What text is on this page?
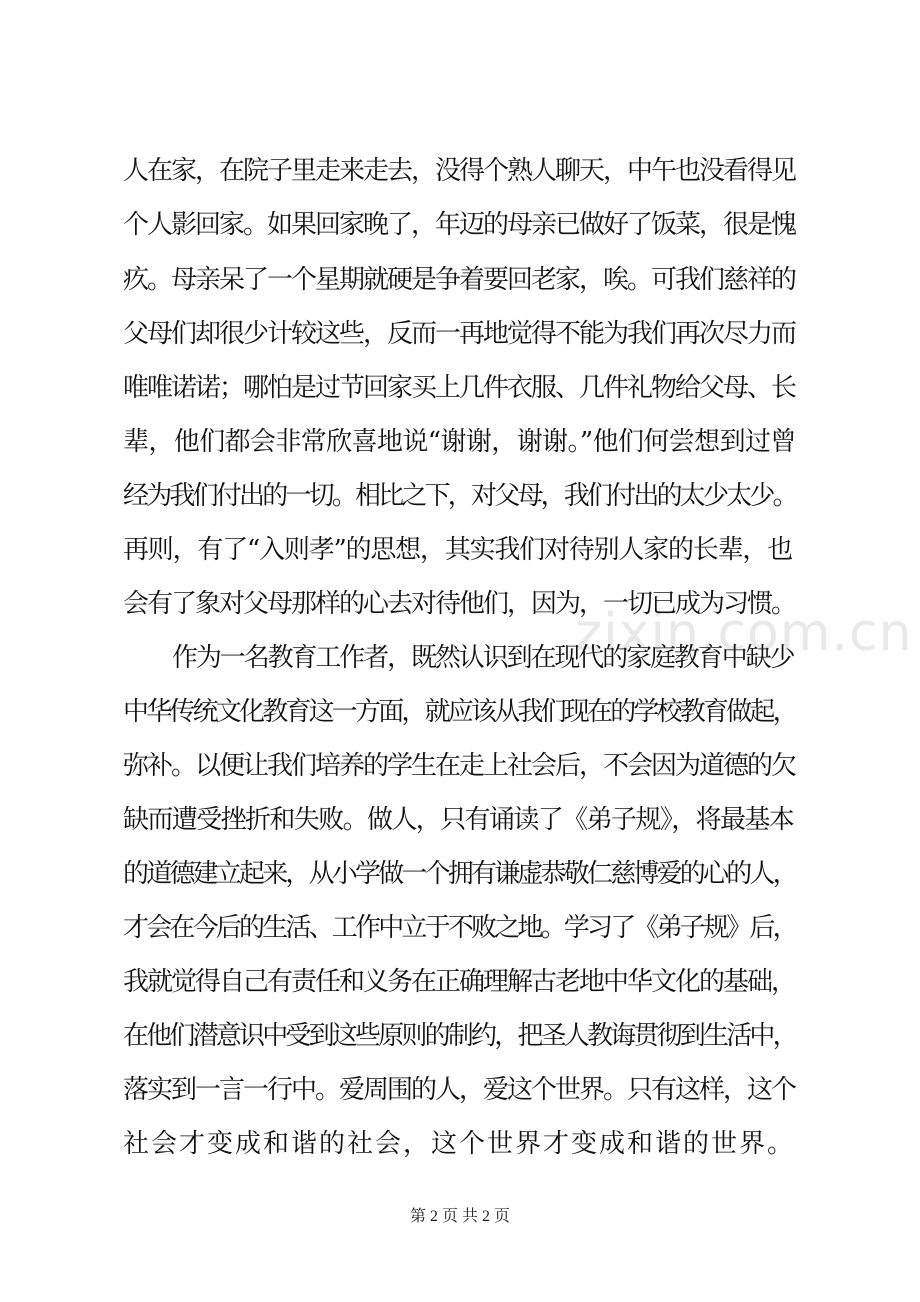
zixin.com.cn
人在家，在院子里走来走去，没得个熟人聊天，中午也没看得见
个人影回家。如果回家晚了，年迈的母亲已做好了饭菜，很是愧
疚。母亲呆了一个星期就硬是争着要回老家，唉。可我们慈祥的
父母们却很少计较这些，反而一再地觉得不能为我们再次尽力而
唯唯诺诺；哪怕是过节回家买上几件衣服、几件礼物给父母、长
辈，他们都会非常欣喜地说“谢谢，谢谢。”他们何尝想到过曾
经为我们付出的一切。相比之下，对父母，我们付出的太少太少。
再则，有了“入则孝”的思想，其实我们对待别人家的长辈，也
会有了象对父母那样的心去对待他们，因为，一切已成为习惯。
作为一名教育工作者，既然认识到在现代的家庭教育中缺少
中华传统文化教育这一方面，就应该从我们现在的学校教育做起，
弥补。以便让我们培养的学生在走上社会后，不会因为道德的欠
缺而遭受挫折和失败。做人，只有诵读了《弟子规》，将最基本
的道德建立起来，从小学做一个拥有谦虚恭敬仁慈博爱的心的人，
才会在今后的生活、工作中立于不败之地。学习了《弟子规》后，
我就觉得自己有责任和义务在正确理解古老地中华文化的基础，
在他们潜意识中受到这些原则的制约，把圣人教诲贯彻到生活中，
落实到一言一行中。爱周围的人，爱这个世界。只有这样，这个
社会才变成和谐的社会，这个世界才变成和谐的世界。
第 2 页 共 2 页
